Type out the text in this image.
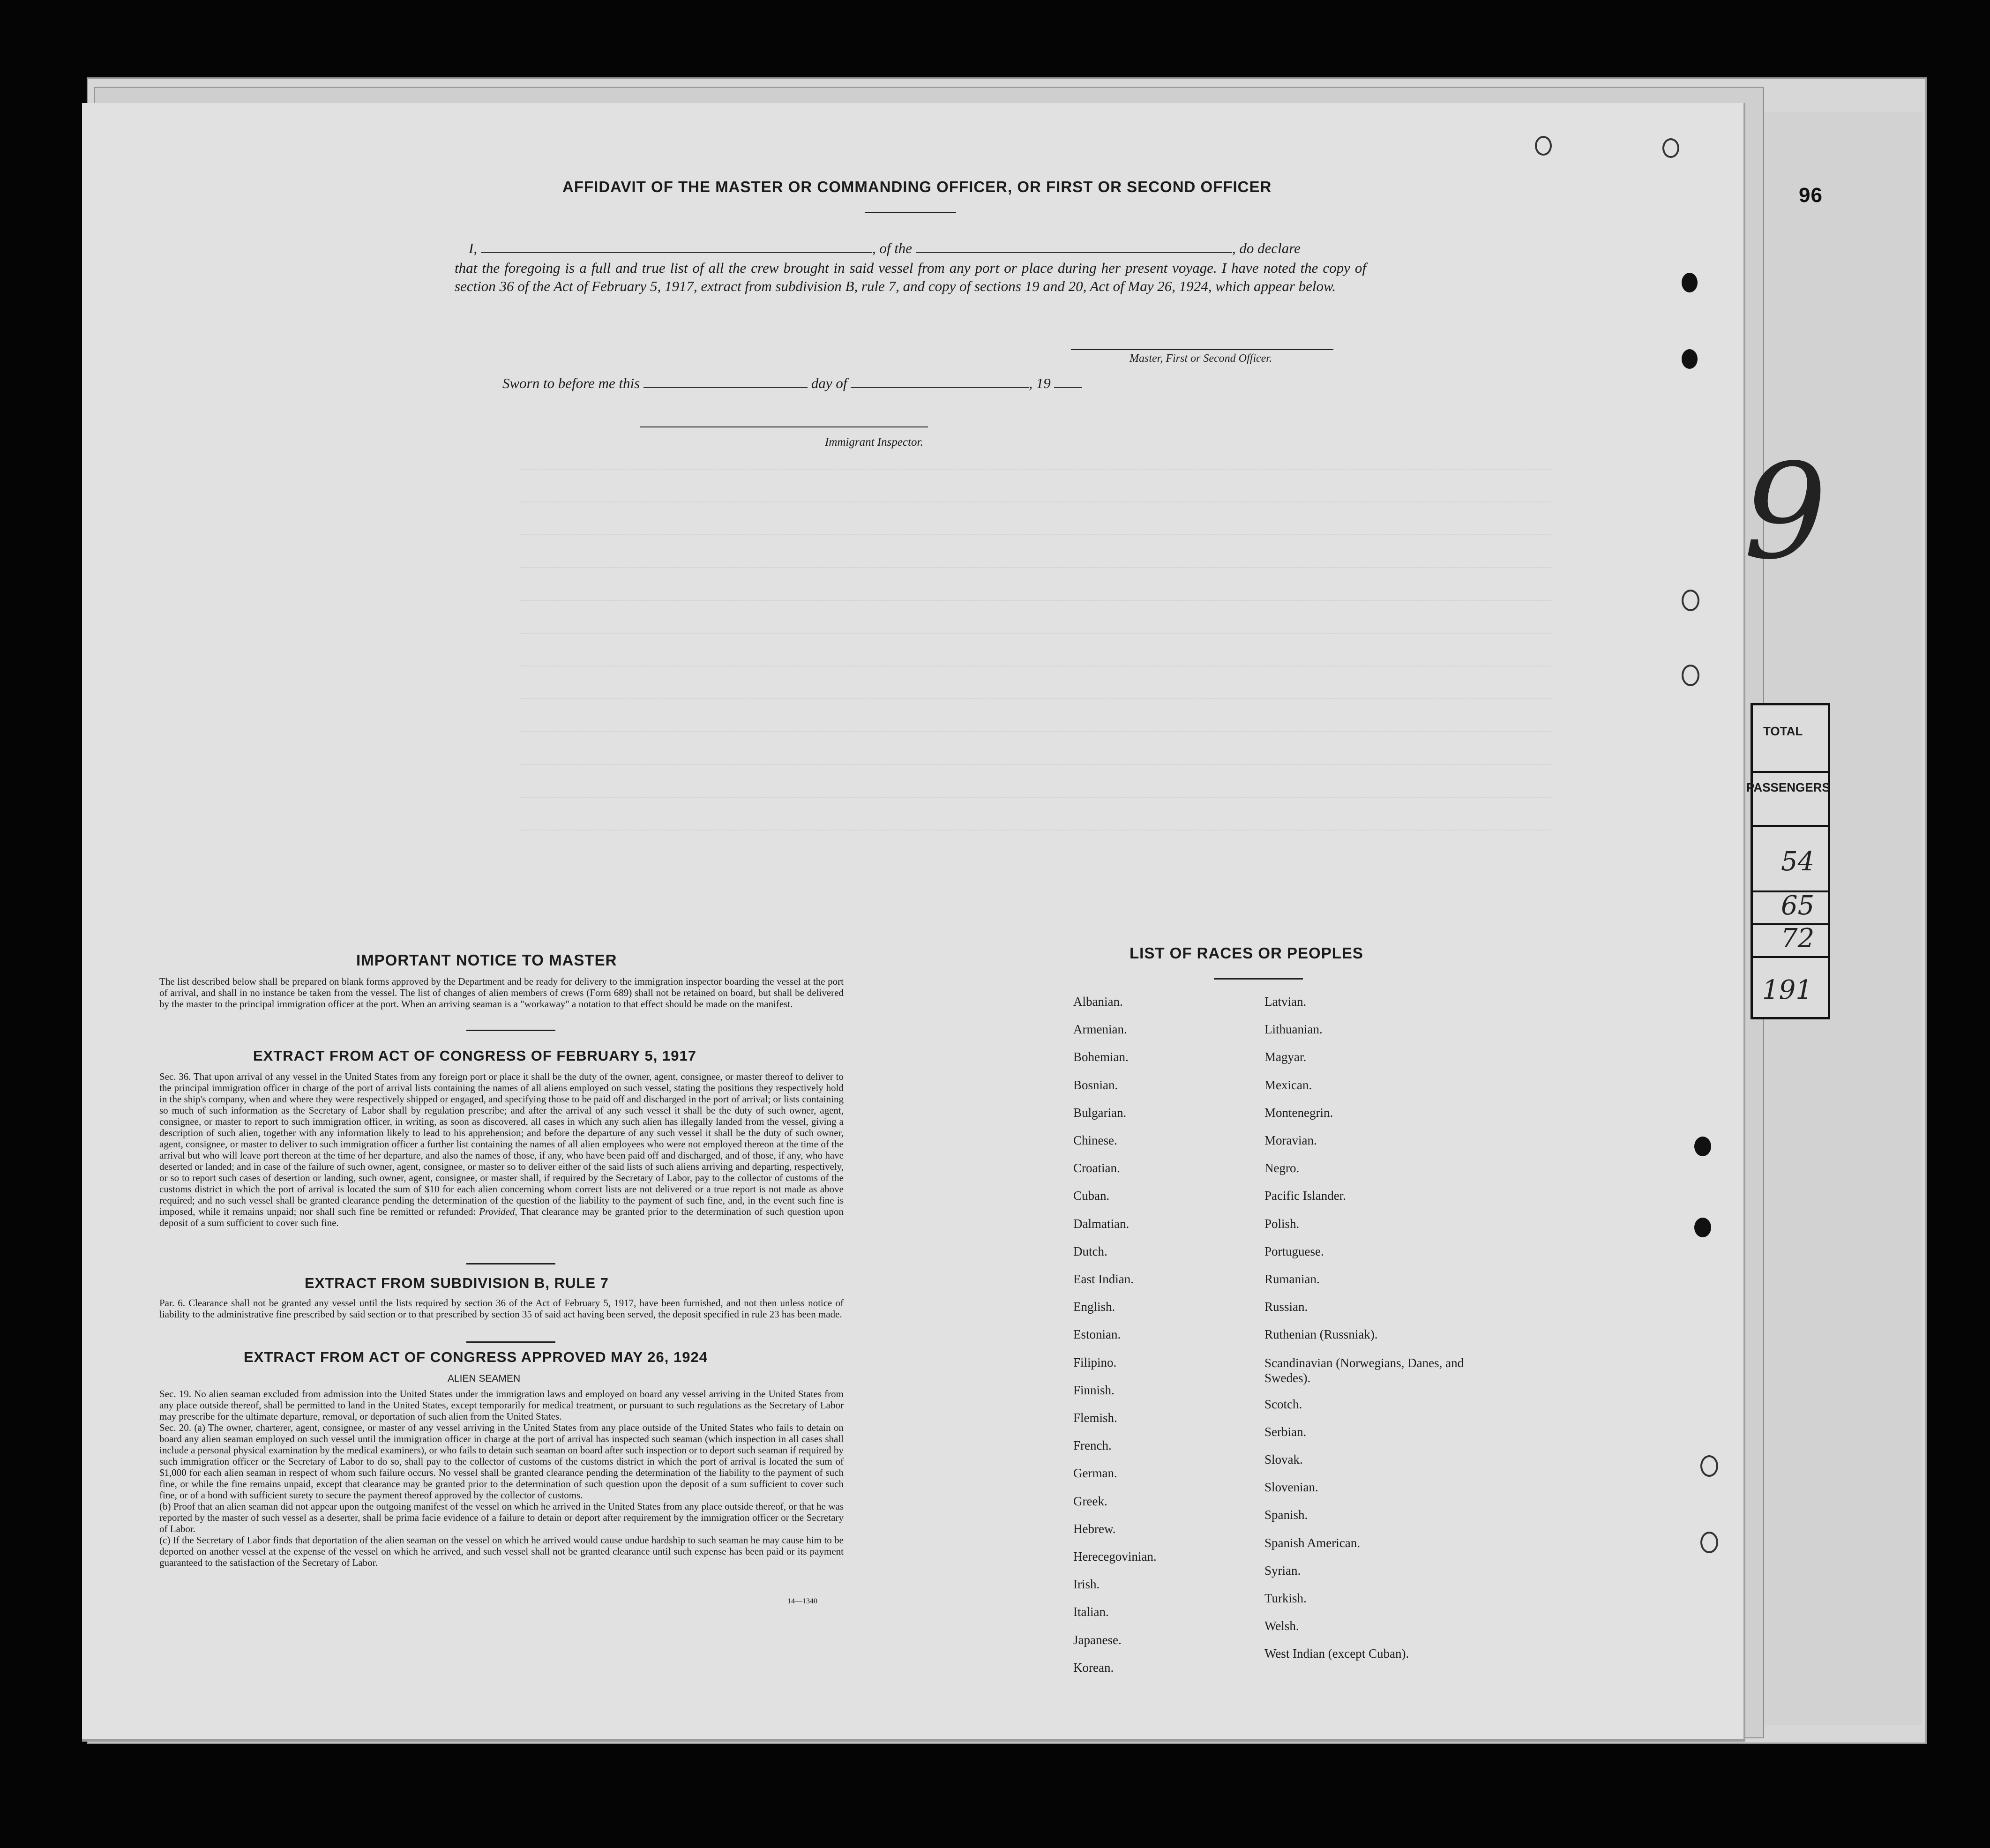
96
TOTAL
PASSENGERS
54
65
72
191
9
AFFIDAVIT OF THE MASTER OR COMMANDING OFFICER, OR FIRST OR SECOND OFFICER
I,	, of the	, do declare
that the foregoing is a full and true list of all the crew brought in said vessel from any port or place during her present voyage. I have noted the copy of section 36 of the Act of February 5, 1917, extract from subdivision B, rule 7, and copy of sections 19 and 20, Act of May 26, 1924, which appear below.
Master, First or Second Officer.
Sworn to before me this	day of	, 19
Immigrant Inspector.
IMPORTANT NOTICE TO MASTER
The list described below shall be prepared on blank forms approved by the Department and be ready for delivery to the immigration inspector boarding the vessel at the port of arrival, and shall in no instance be taken from the vessel. The list of changes of alien members of crews (Form 689) shall not be retained on board, but shall be delivered by the master to the principal immigration officer at the port. When an arriving seaman is a "workaway" a notation to that effect should be made on the manifest.
EXTRACT FROM ACT OF CONGRESS OF FEBRUARY 5, 1917
Sec. 36. That upon arrival of any vessel in the United States from any foreign port or place it shall be the duty of the owner, agent, consignee, or master thereof to deliver to the principal immigration officer in charge of the port of arrival lists containing the names of all aliens employed on such vessel, stating the positions they respectively hold in the ship's company, when and where they were respectively shipped or engaged, and specifying those to be paid off and discharged in the port of arrival; or lists containing so much of such information as the Secretary of Labor shall by regulation prescribe; and after the arrival of any such vessel it shall be the duty of such owner, agent, consignee, or master to report to such immigration officer, in writing, as soon as discovered, all cases in which any such alien has illegally landed from the vessel, giving a description of such alien, together with any information likely to lead to his apprehension; and before the departure of any such vessel it shall be the duty of such owner, agent, consignee, or master to deliver to such immigration officer a further list containing the names of all alien employees who were not employed thereon at the time of the arrival but who will leave port thereon at the time of her departure, and also the names of those, if any, who have been paid off and discharged, and of those, if any, who have deserted or landed; and in case of the failure of such owner, agent, consignee, or master so to deliver either of the said lists of such aliens arriving and departing, respectively, or so to report such cases of desertion or landing, such owner, agent, consignee, or master shall, if required by the Secretary of Labor, pay to the collector of customs of the customs district in which the port of arrival is located the sum of $10 for each alien concerning whom correct lists are not delivered or a true report is not made as above required; and no such vessel shall be granted clearance pending the determination of the question of the liability to the payment of such fine, and, in the event such fine is imposed, while it remains unpaid; nor shall such fine be remitted or refunded: Provided, That clearance may be granted prior to the determination of such question upon deposit of a sum sufficient to cover such fine.
EXTRACT FROM SUBDIVISION B, RULE 7
Par. 6. Clearance shall not be granted any vessel until the lists required by section 36 of the Act of February 5, 1917, have been furnished, and not then unless notice of liability to the administrative fine prescribed by said section or to that prescribed by section 35 of said act having been served, the deposit specified in rule 23 has been made.
EXTRACT FROM ACT OF CONGRESS APPROVED MAY 26, 1924
ALIEN SEAMEN
Sec. 19. No alien seaman excluded from admission into the United States under the immigration laws and employed on board any vessel arriving in the United States from any place outside thereof, shall be permitted to land in the United States, except temporarily for medical treatment, or pursuant to such regulations as the Secretary of Labor may prescribe for the ultimate departure, removal, or deportation of such alien from the United States.
Sec. 20. (a) The owner, charterer, agent, consignee, or master of any vessel arriving in the United States from any place outside of the United States who fails to detain on board any alien seaman employed on such vessel until the immigration officer in charge at the port of arrival has inspected such seaman (which inspection in all cases shall include a personal physical examination by the medical examiners), or who fails to detain such seaman on board after such inspection or to deport such seaman if required by such immigration officer or the Secretary of Labor to do so, shall pay to the collector of customs of the customs district in which the port of arrival is located the sum of $1,000 for each alien seaman in respect of whom such failure occurs. No vessel shall be granted clearance pending the determination of the liability to the payment of such fine, or while the fine remains unpaid, except that clearance may be granted prior to the determination of such question upon the deposit of a sum sufficient to cover such fine, or of a bond with sufficient surety to secure the payment thereof approved by the collector of customs.
(b) Proof that an alien seaman did not appear upon the outgoing manifest of the vessel on which he arrived in the United States from any place outside thereof, or that he was reported by the master of such vessel as a deserter, shall be prima facie evidence of a failure to detain or deport after requirement by the immigration officer or the Secretary of Labor.
(c) If the Secretary of Labor finds that deportation of the alien seaman on the vessel on which he arrived would cause undue hardship to such seaman he may cause him to be deported on another vessel at the expense of the vessel on which he arrived, and such vessel shall not be granted clearance until such expense has been paid or its payment guaranteed to the satisfaction of the Secretary of Labor.
14—1340
LIST OF RACES OR PEOPLES
Albanian.
Armenian.
Bohemian.
Bosnian.
Bulgarian.
Chinese.
Croatian.
Cuban.
Dalmatian.
Dutch.
East Indian.
English.
Estonian.
Filipino.
Finnish.
Flemish.
French.
German.
Greek.
Hebrew.
Herecegovinian.
Irish.
Italian.
Japanese.
Korean.
Latvian.
Lithuanian.
Magyar.
Mexican.
Montenegrin.
Moravian.
Negro.
Pacific Islander.
Polish.
Portuguese.
Rumanian.
Russian.
Ruthenian (Russniak).
Scandinavian (Norwegians, Danes, and Swedes).
Scotch.
Serbian.
Slovak.
Slovenian.
Spanish.
Spanish American.
Syrian.
Turkish.
Welsh.
West Indian (except Cuban).
